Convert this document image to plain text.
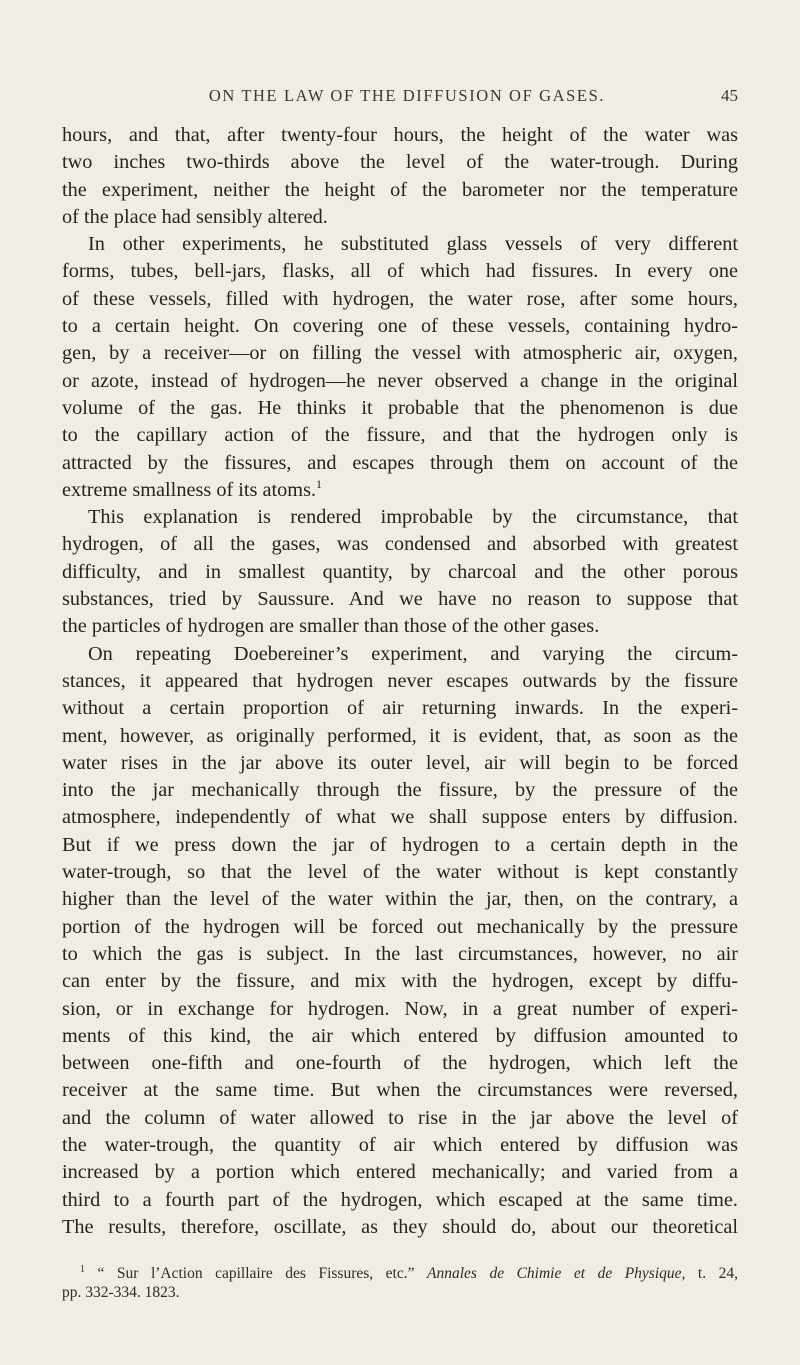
ON THE LAW OF THE DIFFUSION OF GASES.	45
hours, and that, after twenty-four hours, the height of the water was
two inches two-thirds above the level of the water-trough. During
the experiment, neither the height of the barometer nor the temperature
of the place had sensibly altered.
In other experiments, he substituted glass vessels of very different
forms, tubes, bell-jars, flasks, all of which had fissures. In every one
of these vessels, filled with hydrogen, the water rose, after some hours,
to a certain height. On covering one of these vessels, containing hydro-
gen, by a receiver—or on filling the vessel with atmospheric air, oxygen,
or azote, instead of hydrogen—he never observed a change in the original
volume of the gas. He thinks it probable that the phenomenon is due
to the capillary action of the fissure, and that the hydrogen only is
attracted by the fissures, and escapes through them on account of the
extreme smallness of its atoms.$^1$
This explanation is rendered improbable by the circumstance, that
hydrogen, of all the gases, was condensed and absorbed with greatest
difficulty, and in smallest quantity, by charcoal and the other porous
substances, tried by Saussure. And we have no reason to suppose that
the particles of hydrogen are smaller than those of the other gases.
On repeating Doebereiner’s experiment, and varying the circum-
stances, it appeared that hydrogen never escapes outwards by the fissure
without a certain proportion of air returning inwards. In the experi-
ment, however, as originally performed, it is evident, that, as soon as the
water rises in the jar above its outer level, air will begin to be forced
into the jar mechanically through the fissure, by the pressure of the
atmosphere, independently of what we shall suppose enters by diffusion.
But if we press down the jar of hydrogen to a certain depth in the
water-trough, so that the level of the water without is kept constantly
higher than the level of the water within the jar, then, on the contrary, a
portion of the hydrogen will be forced out mechanically by the pressure
to which the gas is subject. In the last circumstances, however, no air
can enter by the fissure, and mix with the hydrogen, except by diffu-
sion, or in exchange for hydrogen. Now, in a great number of experi-
ments of this kind, the air which entered by diffusion amounted to
between one-fifth and one-fourth of the hydrogen, which left the
receiver at the same time. But when the circumstances were reversed,
and the column of water allowed to rise in the jar above the level of
the water-trough, the quantity of air which entered by diffusion was
increased by a portion which entered mechanically; and varied from a
third to a fourth part of the hydrogen, which escaped at the same time.
The results, therefore, oscillate, as they should do, about our theoretical
$^1$ “ Sur l’Action capillaire des Fissures, etc.” Annales de Chimie et de Physique, t. 24,
pp. 332-334. 1823.
